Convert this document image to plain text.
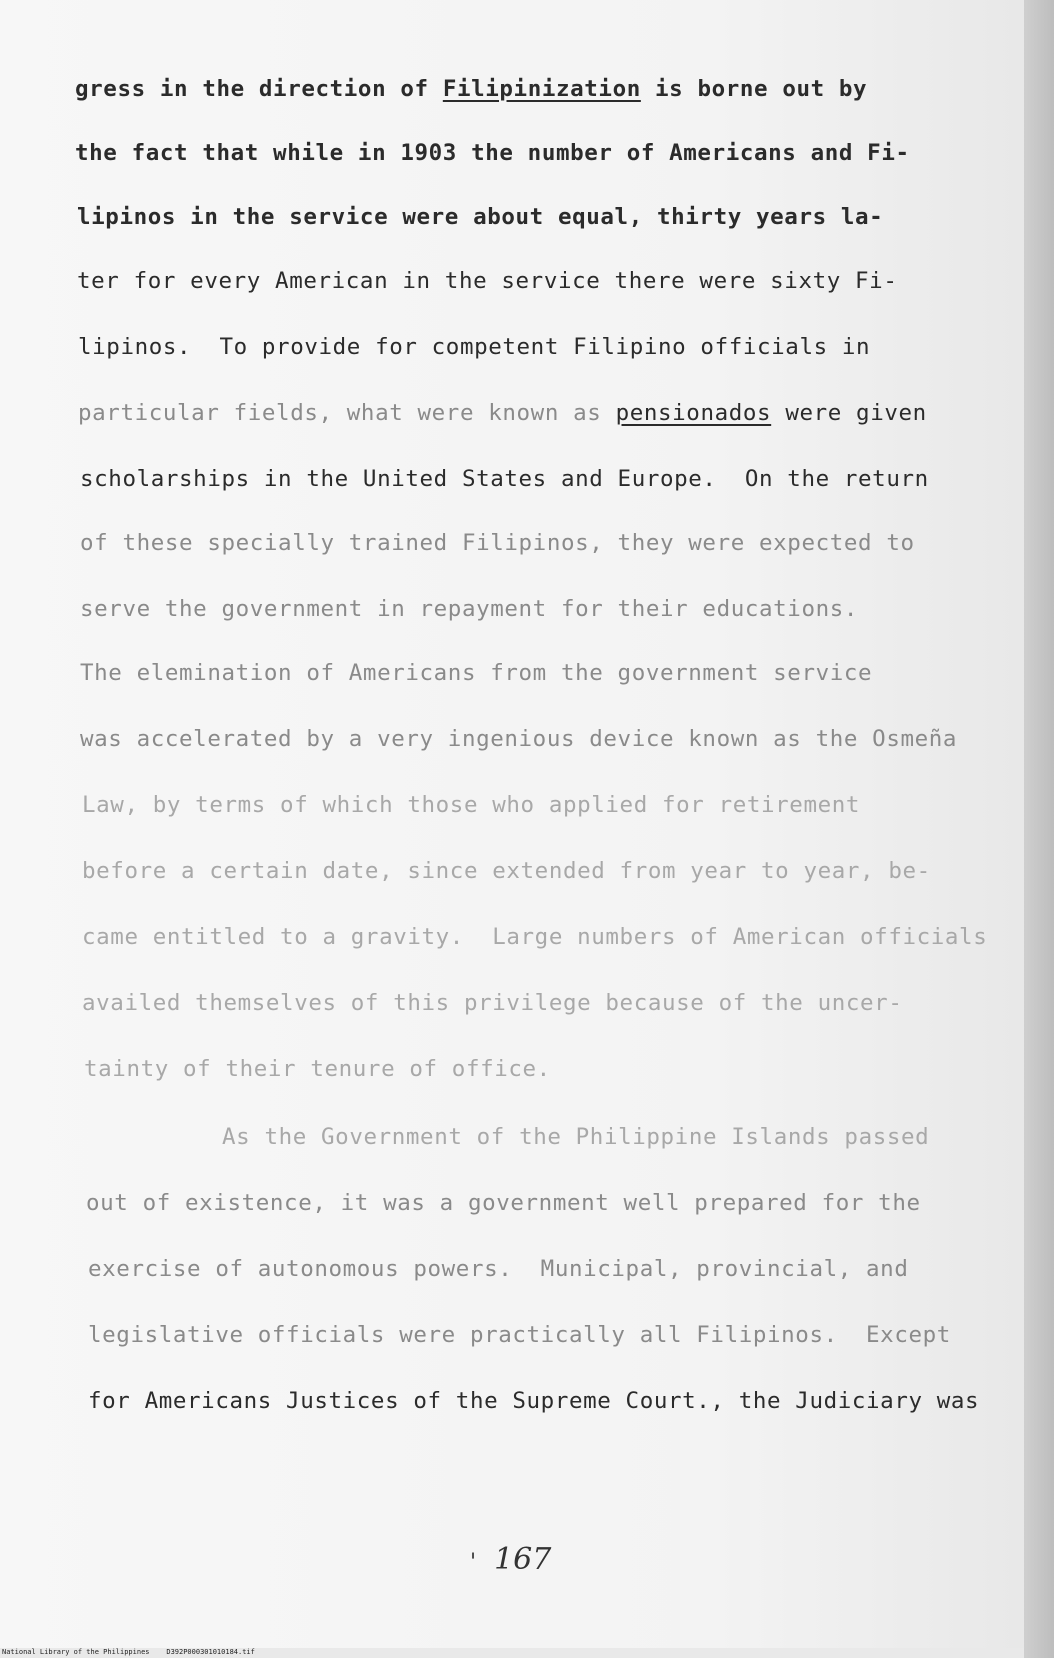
gress in the direction of Filipinization is borne out by
the fact that while in 1903 the number of Americans and Fi-
lipinos in the service were about equal, thirty years la-
ter for every American in the service there were sixty Fi-
lipinos.  To provide for competent Filipino officials in
particular fields, what were known as pensionados were given
scholarships in the United States and Europe.  On the return
of these specially trained Filipinos, they were expected to
serve the government in repayment for their educations.
The elemination of Americans from the government service
was accelerated by a very ingenious device known as the Osmeña
Law, by terms of which those who applied for retirement
before a certain date, since extended from year to year, be-
came entitled to a gravity.  Large numbers of American officials
availed themselves of this privilege because of the uncer-
tainty of their tenure of office.
As the Government of the Philippine Islands passed
out of existence, it was a government well prepared for the
exercise of autonomous powers.  Municipal, provincial, and
legislative officials were practically all Filipinos.  Except
for Americans Justices of the Supreme Court., the Judiciary was
' 167
National Library of the Philippines    D392P000301010184.tif
